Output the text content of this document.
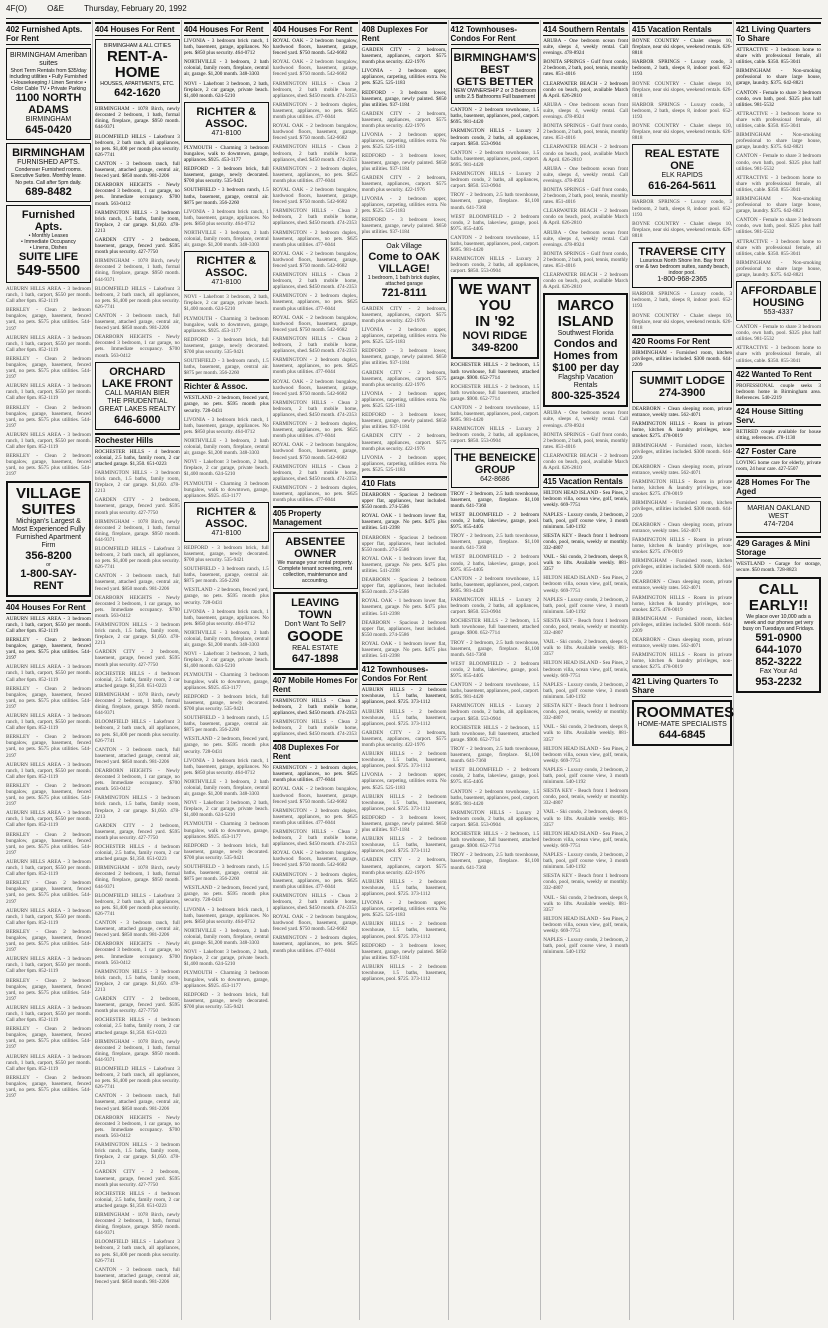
4F(O)	O&E	Thursday, February 20, 1992
402 Furnished Apts. For Rent
BIRMINGHAM Ameriban suites
Short Term Rentals from $35/day including utilities • Fully Furnished • Housekeeping / Linen Service • Color Cable TV • Private Parking
1100 NORTH ADAMS
BIRMINGHAM
645-0420
BIRMINGHAM
FURNISHED APTS.
Condenser Furnished rooms. Executive Suites. Monthly lease. No pets. Call after 5pm daily.
689-8482
Furnished Apts.
• Monthly Leases
• Immediate Occupancy
• Linens, Dishes
SUITE LIFE
549-5500
AUBURN HILLS AREA - 3 bedroom ranch, 1 bath, carport, $550 per month. Call after 6pm. 852-1119
BERKLEY - Clean 2 bedroom bungalow, garage, basement, fenced yard, no pets. $575 plus utilities. 544-2197
AUBURN HILLS AREA - 3 bedroom ranch, 1 bath, carport, $550 per month. Call after 6pm. 852-1119
BERKLEY - Clean 2 bedroom bungalow, garage, basement, fenced yard, no pets. $575 plus utilities. 544-2197
AUBURN HILLS AREA - 3 bedroom ranch, 1 bath, carport, $550 per month. Call after 6pm. 852-1119
BERKLEY - Clean 2 bedroom bungalow, garage, basement, fenced yard, no pets. $575 plus utilities. 544-2197
AUBURN HILLS AREA - 3 bedroom ranch, 1 bath, carport, $550 per month. Call after 6pm. 852-1119
BERKLEY - Clean 2 bedroom bungalow, garage, basement, fenced yard, no pets. $575 plus utilities. 544-2197
VILLAGE
SUITES
Michigan's Largest & Most Experienced Fully Furnished Apartment Firm
356-8200
or
1-800-SAY-RENT
404 Houses For Rent
AUBURN HILLS AREA - 3 bedroom ranch, 1 bath, carport, $550 per month. Call after 6pm. 852-1119
BERKLEY - Clean 2 bedroom bungalow, garage, basement, fenced yard, no pets. $575 plus utilities. 544-2197
AUBURN HILLS AREA - 3 bedroom ranch, 1 bath, carport, $550 per month. Call after 6pm. 852-1119
BERKLEY - Clean 2 bedroom bungalow, garage, basement, fenced yard, no pets. $575 plus utilities. 544-2197
AUBURN HILLS AREA - 3 bedroom ranch, 1 bath, carport, $550 per month. Call after 6pm. 852-1119
BERKLEY - Clean 2 bedroom bungalow, garage, basement, fenced yard, no pets. $575 plus utilities. 544-2197
AUBURN HILLS AREA - 3 bedroom ranch, 1 bath, carport, $550 per month. Call after 6pm. 852-1119
BERKLEY - Clean 2 bedroom bungalow, garage, basement, fenced yard, no pets. $575 plus utilities. 544-2197
AUBURN HILLS AREA - 3 bedroom ranch, 1 bath, carport, $550 per month. Call after 6pm. 852-1119
BERKLEY - Clean 2 bedroom bungalow, garage, basement, fenced yard, no pets. $575 plus utilities. 544-2197
AUBURN HILLS AREA - 3 bedroom ranch, 1 bath, carport, $550 per month. Call after 6pm. 852-1119
BERKLEY - Clean 2 bedroom bungalow, garage, basement, fenced yard, no pets. $575 plus utilities. 544-2197
AUBURN HILLS AREA - 3 bedroom ranch, 1 bath, carport, $550 per month. Call after 6pm. 852-1119
BERKLEY - Clean 2 bedroom bungalow, garage, basement, fenced yard, no pets. $575 plus utilities. 544-2197
AUBURN HILLS AREA - 3 bedroom ranch, 1 bath, carport, $550 per month. Call after 6pm. 852-1119
BERKLEY - Clean 2 bedroom bungalow, garage, basement, fenced yard, no pets. $575 plus utilities. 544-2197
AUBURN HILLS AREA - 3 bedroom ranch, 1 bath, carport, $550 per month. Call after 6pm. 852-1119
BERKLEY - Clean 2 bedroom bungalow, garage, basement, fenced yard, no pets. $575 plus utilities. 544-2197
AUBURN HILLS AREA - 3 bedroom ranch, 1 bath, carport, $550 per month. Call after 6pm. 852-1119
BERKLEY - Clean 2 bedroom bungalow, garage, basement, fenced yard, no pets. $575 plus utilities. 544-2197
404 Houses For Rent
BIRMINGHAM & ALL CITIES
RENT-A-HOME
HOUSES, APARTMENTS, ETC.
642-1620
BIRMINGHAM - 1078 Birch, newly decorated 2 bedroom, 1 bath, formal dining, fireplace, garage. $950 month. 644-9371
BLOOMFIELD HILLS - Lakefront 3 bedroom, 2 bath ranch, all appliances, no pets. $1,400 per month plus security. 626-7741
CANTON - 3 bedroom ranch, full basement, attached garage, central air, fenced yard. $850 month. 981-2206
DEARBORN HEIGHTS - Newly decorated 3 bedroom, 1 car garage, no pets. Immediate occupancy. $700 month. 563-0412
FARMINGTON HILLS - 3 bedroom brick ranch, 1.5 baths, family room, fireplace, 2 car garage. $1,050. 478-2213
GARDEN CITY - 2 bedroom, basement, garage, fenced yard. $595 month plus security. 427-7750
BIRMINGHAM - 1078 Birch, newly decorated 2 bedroom, 1 bath, formal dining, fireplace, garage. $950 month. 644-9371
BLOOMFIELD HILLS - Lakefront 3 bedroom, 2 bath ranch, all appliances, no pets. $1,400 per month plus security. 626-7741
CANTON - 3 bedroom ranch, full basement, attached garage, central air, fenced yard. $850 month. 981-2206
DEARBORN HEIGHTS - Newly decorated 3 bedroom, 1 car garage, no pets. Immediate occupancy. $700 month. 563-0412
ORCHARD LAKE FRONT
CALL MARIAN BIER
THE PRUDENTIAL
GREAT LAKES REALTY
646-6000
Rochester Hills
ROCHESTER HILLS - 4 bedroom colonial, 2.5 baths, family room, 2 car attached garage. $1,350. 651-0223
FARMINGTON HILLS - 3 bedroom brick ranch, 1.5 baths, family room, fireplace, 2 car garage. $1,050. 478-2213
GARDEN CITY - 2 bedroom, basement, garage, fenced yard. $595 month plus security. 427-7750
BIRMINGHAM - 1078 Birch, newly decorated 2 bedroom, 1 bath, formal dining, fireplace, garage. $950 month. 644-9371
BLOOMFIELD HILLS - Lakefront 3 bedroom, 2 bath ranch, all appliances, no pets. $1,400 per month plus security. 626-7741
CANTON - 3 bedroom ranch, full basement, attached garage, central air, fenced yard. $850 month. 981-2206
DEARBORN HEIGHTS - Newly decorated 3 bedroom, 1 car garage, no pets. Immediate occupancy. $700 month. 563-0412
FARMINGTON HILLS - 3 bedroom brick ranch, 1.5 baths, family room, fireplace, 2 car garage. $1,050. 478-2213
GARDEN CITY - 2 bedroom, basement, garage, fenced yard. $595 month plus security. 427-7750
ROCHESTER HILLS - 4 bedroom colonial, 2.5 baths, family room, 2 car attached garage. $1,350. 651-0223
BIRMINGHAM - 1078 Birch, newly decorated 2 bedroom, 1 bath, formal dining, fireplace, garage. $950 month. 644-9371
BLOOMFIELD HILLS - Lakefront 3 bedroom, 2 bath ranch, all appliances, no pets. $1,400 per month plus security. 626-7741
CANTON - 3 bedroom ranch, full basement, attached garage, central air, fenced yard. $850 month. 981-2206
DEARBORN HEIGHTS - Newly decorated 3 bedroom, 1 car garage, no pets. Immediate occupancy. $700 month. 563-0412
FARMINGTON HILLS - 3 bedroom brick ranch, 1.5 baths, family room, fireplace, 2 car garage. $1,050. 478-2213
GARDEN CITY - 2 bedroom, basement, garage, fenced yard. $595 month plus security. 427-7750
ROCHESTER HILLS - 4 bedroom colonial, 2.5 baths, family room, 2 car attached garage. $1,350. 651-0223
BIRMINGHAM - 1078 Birch, newly decorated 2 bedroom, 1 bath, formal dining, fireplace, garage. $950 month. 644-9371
BLOOMFIELD HILLS - Lakefront 3 bedroom, 2 bath ranch, all appliances, no pets. $1,400 per month plus security. 626-7741
CANTON - 3 bedroom ranch, full basement, attached garage, central air, fenced yard. $850 month. 981-2206
DEARBORN HEIGHTS - Newly decorated 3 bedroom, 1 car garage, no pets. Immediate occupancy. $700 month. 563-0412
FARMINGTON HILLS - 3 bedroom brick ranch, 1.5 baths, family room, fireplace, 2 car garage. $1,050. 478-2213
GARDEN CITY - 2 bedroom, basement, garage, fenced yard. $595 month plus security. 427-7750
ROCHESTER HILLS - 4 bedroom colonial, 2.5 baths, family room, 2 car attached garage. $1,350. 651-0223
BIRMINGHAM - 1078 Birch, newly decorated 2 bedroom, 1 bath, formal dining, fireplace, garage. $950 month. 644-9371
BLOOMFIELD HILLS - Lakefront 3 bedroom, 2 bath ranch, all appliances, no pets. $1,400 per month plus security. 626-7741
CANTON - 3 bedroom ranch, full basement, attached garage, central air, fenced yard. $850 month. 981-2206
DEARBORN HEIGHTS - Newly decorated 3 bedroom, 1 car garage, no pets. Immediate occupancy. $700 month. 563-0412
FARMINGTON HILLS - 3 bedroom brick ranch, 1.5 baths, family room, fireplace, 2 car garage. $1,050. 478-2213
GARDEN CITY - 2 bedroom, basement, garage, fenced yard. $595 month plus security. 427-7750
ROCHESTER HILLS - 4 bedroom colonial, 2.5 baths, family room, 2 car attached garage. $1,350. 651-0223
BIRMINGHAM - 1078 Birch, newly decorated 2 bedroom, 1 bath, formal dining, fireplace, garage. $950 month. 644-9371
BLOOMFIELD HILLS - Lakefront 3 bedroom, 2 bath ranch, all appliances, no pets. $1,400 per month plus security. 626-7741
CANTON - 3 bedroom ranch, full basement, attached garage, central air, fenced yard. $850 month. 981-2206
404 Houses For Rent
LIVONIA - 3 bedroom brick ranch, 1 bath, basement, garage, appliances. No pets. $850 plus security. 464-0712
NORTHVILLE - 3 bedroom, 2 bath colonial, family room, fireplace, central air, garage. $1,200 month. 348-3303
NOVI - Lakefront 3 bedroom, 2 bath, fireplace, 2 car garage, private beach. $1,400 month. 624-5210
RICHTER & ASSOC.
471-8100
PLYMOUTH - Charming 3 bedroom bungalow, walk to downtown, garage, appliances. $925. 453-1177
REDFORD - 3 bedroom brick, full basement, garage, newly decorated. $700 plus security. 535-9421
SOUTHFIELD - 3 bedroom ranch, 1.5 baths, basement, garage, central air. $875 per month. 356-2260
LIVONIA - 3 bedroom brick ranch, 1 bath, basement, garage, appliances. No pets. $850 plus security. 464-0712
NORTHVILLE - 3 bedroom, 2 bath colonial, family room, fireplace, central air, garage. $1,200 month. 348-3303
RICHTER & ASSOC.
471-8100
NOVI - Lakefront 3 bedroom, 2 bath, fireplace, 2 car garage, private beach. $1,400 month. 624-5210
PLYMOUTH - Charming 3 bedroom bungalow, walk to downtown, garage, appliances. $925. 453-1177
REDFORD - 3 bedroom brick, full basement, garage, newly decorated. $700 plus security. 535-9421
SOUTHFIELD - 3 bedroom ranch, 1.5 baths, basement, garage, central air. $875 per month. 356-2260
Richter & Assoc.
WESTLAND - 2 bedroom, fenced yard, garage, no pets. $595 month plus security. 728-0431
LIVONIA - 3 bedroom brick ranch, 1 bath, basement, garage, appliances. No pets. $850 plus security. 464-0712
NORTHVILLE - 3 bedroom, 2 bath colonial, family room, fireplace, central air, garage. $1,200 month. 348-3303
NOVI - Lakefront 3 bedroom, 2 bath, fireplace, 2 car garage, private beach. $1,400 month. 624-5210
PLYMOUTH - Charming 3 bedroom bungalow, walk to downtown, garage, appliances. $925. 453-1177
RICHTER & ASSOC.
471-8100
REDFORD - 3 bedroom brick, full basement, garage, newly decorated. $700 plus security. 535-9421
SOUTHFIELD - 3 bedroom ranch, 1.5 baths, basement, garage, central air. $875 per month. 356-2260
WESTLAND - 2 bedroom, fenced yard, garage, no pets. $595 month plus security. 728-0431
LIVONIA - 3 bedroom brick ranch, 1 bath, basement, garage, appliances. No pets. $850 plus security. 464-0712
NORTHVILLE - 3 bedroom, 2 bath colonial, family room, fireplace, central air, garage. $1,200 month. 348-3303
NOVI - Lakefront 3 bedroom, 2 bath, fireplace, 2 car garage, private beach. $1,400 month. 624-5210
PLYMOUTH - Charming 3 bedroom bungalow, walk to downtown, garage, appliances. $925. 453-1177
REDFORD - 3 bedroom brick, full basement, garage, newly decorated. $700 plus security. 535-9421
SOUTHFIELD - 3 bedroom ranch, 1.5 baths, basement, garage, central air. $875 per month. 356-2260
WESTLAND - 2 bedroom, fenced yard, garage, no pets. $595 month plus security. 728-0431
LIVONIA - 3 bedroom brick ranch, 1 bath, basement, garage, appliances. No pets. $850 plus security. 464-0712
NORTHVILLE - 3 bedroom, 2 bath colonial, family room, fireplace, central air, garage. $1,200 month. 348-3303
NOVI - Lakefront 3 bedroom, 2 bath, fireplace, 2 car garage, private beach. $1,400 month. 624-5210
PLYMOUTH - Charming 3 bedroom bungalow, walk to downtown, garage, appliances. $925. 453-1177
REDFORD - 3 bedroom brick, full basement, garage, newly decorated. $700 plus security. 535-9421
SOUTHFIELD - 3 bedroom ranch, 1.5 baths, basement, garage, central air. $875 per month. 356-2260
WESTLAND - 2 bedroom, fenced yard, garage, no pets. $595 month plus security. 728-0431
LIVONIA - 3 bedroom brick ranch, 1 bath, basement, garage, appliances. No pets. $850 plus security. 464-0712
NORTHVILLE - 3 bedroom, 2 bath colonial, family room, fireplace, central air, garage. $1,200 month. 348-3303
NOVI - Lakefront 3 bedroom, 2 bath, fireplace, 2 car garage, private beach. $1,400 month. 624-5210
PLYMOUTH - Charming 3 bedroom bungalow, walk to downtown, garage, appliances. $925. 453-1177
REDFORD - 3 bedroom brick, full basement, garage, newly decorated. $700 plus security. 535-9421
404 Houses For Rent
ROYAL OAK - 2 bedroom bungalow, hardwood floors, basement, garage, fenced yard. $750 month. 542-6682
ROYAL OAK - 2 bedroom bungalow, hardwood floors, basement, garage, fenced yard. $750 month. 542-6682
FARMINGTON HILLS - Clean 2 bedroom, 2 bath mobile home, appliances, shed. $450 month. 474-2353
FARMINGTON - 2 bedroom duplex, basement, appliances, no pets. $625 month plus utilities. 477-6044
ROYAL OAK - 2 bedroom bungalow, hardwood floors, basement, garage, fenced yard. $750 month. 542-6682
FARMINGTON HILLS - Clean 2 bedroom, 2 bath mobile home, appliances, shed. $450 month. 474-2353
FARMINGTON - 2 bedroom duplex, basement, appliances, no pets. $625 month plus utilities. 477-6044
ROYAL OAK - 2 bedroom bungalow, hardwood floors, basement, garage, fenced yard. $750 month. 542-6682
FARMINGTON HILLS - Clean 2 bedroom, 2 bath mobile home, appliances, shed. $450 month. 474-2353
FARMINGTON - 2 bedroom duplex, basement, appliances, no pets. $625 month plus utilities. 477-6044
ROYAL OAK - 2 bedroom bungalow, hardwood floors, basement, garage, fenced yard. $750 month. 542-6682
FARMINGTON HILLS - Clean 2 bedroom, 2 bath mobile home, appliances, shed. $450 month. 474-2353
FARMINGTON - 2 bedroom duplex, basement, appliances, no pets. $625 month plus utilities. 477-6044
ROYAL OAK - 2 bedroom bungalow, hardwood floors, basement, garage, fenced yard. $750 month. 542-6682
FARMINGTON HILLS - Clean 2 bedroom, 2 bath mobile home, appliances, shed. $450 month. 474-2353
FARMINGTON - 2 bedroom duplex, basement, appliances, no pets. $625 month plus utilities. 477-6044
ROYAL OAK - 2 bedroom bungalow, hardwood floors, basement, garage, fenced yard. $750 month. 542-6682
FARMINGTON HILLS - Clean 2 bedroom, 2 bath mobile home, appliances, shed. $450 month. 474-2353
FARMINGTON - 2 bedroom duplex, basement, appliances, no pets. $625 month plus utilities. 477-6044
ROYAL OAK - 2 bedroom bungalow, hardwood floors, basement, garage, fenced yard. $750 month. 542-6682
FARMINGTON HILLS - Clean 2 bedroom, 2 bath mobile home, appliances, shed. $450 month. 474-2353
FARMINGTON - 2 bedroom duplex, basement, appliances, no pets. $625 month plus utilities. 477-6044
405 Property Management
ABSENTEE OWNER
We manage your rental property. Complete tenant screening, rent collection, maintenance and accounting.
LEAVING TOWN
Don't Want To Sell?
GOODE
REAL ESTATE
647-1898
407 Mobile Homes For Rent
FARMINGTON HILLS - Clean 2 bedroom, 2 bath mobile home, appliances, shed. $450 month. 474-2353
FARMINGTON HILLS - Clean 2 bedroom, 2 bath mobile home, appliances, shed. $450 month. 474-2353
408 Duplexes For Rent
FARMINGTON - 2 bedroom duplex, basement, appliances, no pets. $625 month plus utilities. 477-6044
ROYAL OAK - 2 bedroom bungalow, hardwood floors, basement, garage, fenced yard. $750 month. 542-6682
FARMINGTON - 2 bedroom duplex, basement, appliances, no pets. $625 month plus utilities. 477-6044
FARMINGTON HILLS - Clean 2 bedroom, 2 bath mobile home, appliances, shed. $450 month. 474-2353
ROYAL OAK - 2 bedroom bungalow, hardwood floors, basement, garage, fenced yard. $750 month. 542-6682
FARMINGTON - 2 bedroom duplex, basement, appliances, no pets. $625 month plus utilities. 477-6044
FARMINGTON HILLS - Clean 2 bedroom, 2 bath mobile home, appliances, shed. $450 month. 474-2353
ROYAL OAK - 2 bedroom bungalow, hardwood floors, basement, garage, fenced yard. $750 month. 542-6682
FARMINGTON - 2 bedroom duplex, basement, appliances, no pets. $625 month plus utilities. 477-6044
408 Duplexes For Rent
GARDEN CITY - 2 bedroom, basement, appliances, carport. $575 month plus security. 422-1976
LIVONIA - 2 bedroom upper, appliances, carpeting, utilities extra. No pets. $525. 525-1183
REDFORD - 3 bedroom lower, basement, garage, newly painted. $650 plus utilities. 937-1184
GARDEN CITY - 2 bedroom, basement, appliances, carport. $575 month plus security. 422-1976
LIVONIA - 2 bedroom upper, appliances, carpeting, utilities extra. No pets. $525. 525-1183
REDFORD - 3 bedroom lower, basement, garage, newly painted. $650 plus utilities. 937-1184
GARDEN CITY - 2 bedroom, basement, appliances, carport. $575 month plus security. 422-1976
LIVONIA - 2 bedroom upper, appliances, carpeting, utilities extra. No pets. $525. 525-1183
REDFORD - 3 bedroom lower, basement, garage, newly painted. $650 plus utilities. 937-1184
Oak Village
Come to OAK VILLAGE!
1 bedroom, 1 bath brick duplex, attached garage
721-8111
GARDEN CITY - 2 bedroom, basement, appliances, carport. $575 month plus security. 422-1976
LIVONIA - 2 bedroom upper, appliances, carpeting, utilities extra. No pets. $525. 525-1183
REDFORD - 3 bedroom lower, basement, garage, newly painted. $650 plus utilities. 937-1184
GARDEN CITY - 2 bedroom, basement, appliances, carport. $575 month plus security. 422-1976
LIVONIA - 2 bedroom upper, appliances, carpeting, utilities extra. No pets. $525. 525-1183
REDFORD - 3 bedroom lower, basement, garage, newly painted. $650 plus utilities. 937-1184
GARDEN CITY - 2 bedroom, basement, appliances, carport. $575 month plus security. 422-1976
LIVONIA - 2 bedroom upper, appliances, carpeting, utilities extra. No pets. $525. 525-1183
410 Flats
DEARBORN - Spacious 2 bedroom upper flat, appliances, heat included. $550 month. 274-5586
ROYAL OAK - 1 bedroom lower flat, basement, garage. No pets. $475 plus utilities. 541-2398
DEARBORN - Spacious 2 bedroom upper flat, appliances, heat included. $550 month. 274-5586
ROYAL OAK - 1 bedroom lower flat, basement, garage. No pets. $475 plus utilities. 541-2398
DEARBORN - Spacious 2 bedroom upper flat, appliances, heat included. $550 month. 274-5586
ROYAL OAK - 1 bedroom lower flat, basement, garage. No pets. $475 plus utilities. 541-2398
DEARBORN - Spacious 2 bedroom upper flat, appliances, heat included. $550 month. 274-5586
ROYAL OAK - 1 bedroom lower flat, basement, garage. No pets. $475 plus utilities. 541-2398
412 Townhouses-Condos For Rent
AUBURN HILLS - 2 bedroom townhouse, 1.5 baths, basement, appliances, pool. $725. 373-1112
AUBURN HILLS - 2 bedroom townhouse, 1.5 baths, basement, appliances, pool. $725. 373-1112
GARDEN CITY - 2 bedroom, basement, appliances, carport. $575 month plus security. 422-1976
AUBURN HILLS - 2 bedroom townhouse, 1.5 baths, basement, appliances, pool. $725. 373-1112
LIVONIA - 2 bedroom upper, appliances, carpeting, utilities extra. No pets. $525. 525-1183
AUBURN HILLS - 2 bedroom townhouse, 1.5 baths, basement, appliances, pool. $725. 373-1112
REDFORD - 3 bedroom lower, basement, garage, newly painted. $650 plus utilities. 937-1184
AUBURN HILLS - 2 bedroom townhouse, 1.5 baths, basement, appliances, pool. $725. 373-1112
GARDEN CITY - 2 bedroom, basement, appliances, carport. $575 month plus security. 422-1976
AUBURN HILLS - 2 bedroom townhouse, 1.5 baths, basement, appliances, pool. $725. 373-1112
LIVONIA - 2 bedroom upper, appliances, carpeting, utilities extra. No pets. $525. 525-1183
AUBURN HILLS - 2 bedroom townhouse, 1.5 baths, basement, appliances, pool. $725. 373-1112
REDFORD - 3 bedroom lower, basement, garage, newly painted. $650 plus utilities. 937-1184
AUBURN HILLS - 2 bedroom townhouse, 1.5 baths, basement, appliances, pool. $725. 373-1112
412 Townhouses-Condos For Rent
BIRMINGHAM'S BEST
GETS BETTER
NEW OWNERSHIP 2 or 3 Bedroom units 2.5 Bathrooms Full basement
CANTON - 2 bedroom townhouse, 1.5 baths, basement, appliances, pool, carport. $695. 981-4420
FARMINGTON HILLS - Luxury 2 bedroom condo, 2 baths, all appliances, carport. $850. 553-0904
CANTON - 2 bedroom townhouse, 1.5 baths, basement, appliances, pool, carport. $695. 981-4420
FARMINGTON HILLS - Luxury 2 bedroom condo, 2 baths, all appliances, carport. $850. 553-0904
TROY - 2 bedroom, 2.5 bath townhouse, basement, garage, fireplace. $1,100 month. 641-7360
WEST BLOOMFIELD - 2 bedroom condo, 2 baths, lakeview, garage, pool. $975. 855-4405
CANTON - 2 bedroom townhouse, 1.5 baths, basement, appliances, pool, carport. $695. 981-4420
FARMINGTON HILLS - Luxury 2 bedroom condo, 2 baths, all appliances, carport. $850. 553-0904
WE WANT YOU
IN '92
NOVI RIDGE
349-8200
ROCHESTER HILLS - 2 bedroom, 1.5 bath townhouse, full basement, attached garage. $900. 652-7714
ROCHESTER HILLS - 2 bedroom, 1.5 bath townhouse, full basement, attached garage. $900. 652-7714
CANTON - 2 bedroom townhouse, 1.5 baths, basement, appliances, pool, carport. $695. 981-4420
FARMINGTON HILLS - Luxury 2 bedroom condo, 2 baths, all appliances, carport. $850. 553-0904
THE BENEICKE GROUP
642-8686
TROY - 2 bedroom, 2.5 bath townhouse, basement, garage, fireplace. $1,100 month. 641-7360
WEST BLOOMFIELD - 2 bedroom condo, 2 baths, lakeview, garage, pool. $975. 855-4405
TROY - 2 bedroom, 2.5 bath townhouse, basement, garage, fireplace. $1,100 month. 641-7360
WEST BLOOMFIELD - 2 bedroom condo, 2 baths, lakeview, garage, pool. $975. 855-4405
CANTON - 2 bedroom townhouse, 1.5 baths, basement, appliances, pool, carport. $695. 981-4420
FARMINGTON HILLS - Luxury 2 bedroom condo, 2 baths, all appliances, carport. $850. 553-0904
ROCHESTER HILLS - 2 bedroom, 1.5 bath townhouse, full basement, attached garage. $900. 652-7714
TROY - 2 bedroom, 2.5 bath townhouse, basement, garage, fireplace. $1,100 month. 641-7360
WEST BLOOMFIELD - 2 bedroom condo, 2 baths, lakeview, garage, pool. $975. 855-4405
CANTON - 2 bedroom townhouse, 1.5 baths, basement, appliances, pool, carport. $695. 981-4420
FARMINGTON HILLS - Luxury 2 bedroom condo, 2 baths, all appliances, carport. $850. 553-0904
ROCHESTER HILLS - 2 bedroom, 1.5 bath townhouse, full basement, attached garage. $900. 652-7714
TROY - 2 bedroom, 2.5 bath townhouse, basement, garage, fireplace. $1,100 month. 641-7360
WEST BLOOMFIELD - 2 bedroom condo, 2 baths, lakeview, garage, pool. $975. 855-4405
CANTON - 2 bedroom townhouse, 1.5 baths, basement, appliances, pool, carport. $695. 981-4420
FARMINGTON HILLS - Luxury 2 bedroom condo, 2 baths, all appliances, carport. $850. 553-0904
ROCHESTER HILLS - 2 bedroom, 1.5 bath townhouse, full basement, attached garage. $900. 652-7714
TROY - 2 bedroom, 2.5 bath townhouse, basement, garage, fireplace. $1,100 month. 641-7360
414 Southern Rentals
ARUBA - One bedroom ocean front suite, sleeps 4, weekly rental. Call evenings. 478-8924
BONITA SPRINGS - Gulf front condo, 2 bedroom, 2 bath, pool, tennis, monthly rates. 851-4016
CLEARWATER BEACH - 2 bedroom condo on beach, pool, available March & April. 626-2810
ARUBA - One bedroom ocean front suite, sleeps 4, weekly rental. Call evenings. 478-8924
BONITA SPRINGS - Gulf front condo, 2 bedroom, 2 bath, pool, tennis, monthly rates. 851-4016
CLEARWATER BEACH - 2 bedroom condo on beach, pool, available March & April. 626-2810
ARUBA - One bedroom ocean front suite, sleeps 4, weekly rental. Call evenings. 478-8924
BONITA SPRINGS - Gulf front condo, 2 bedroom, 2 bath, pool, tennis, monthly rates. 851-4016
CLEARWATER BEACH - 2 bedroom condo on beach, pool, available March & April. 626-2810
ARUBA - One bedroom ocean front suite, sleeps 4, weekly rental. Call evenings. 478-8924
BONITA SPRINGS - Gulf front condo, 2 bedroom, 2 bath, pool, tennis, monthly rates. 851-4016
CLEARWATER BEACH - 2 bedroom condo on beach, pool, available March & April. 626-2810
MARCO ISLAND
Southwest Florida
Condos and Homes from $100 per day
Flagship Vacation Rentals
800-325-3524
ARUBA - One bedroom ocean front suite, sleeps 4, weekly rental. Call evenings. 478-8924
BONITA SPRINGS - Gulf front condo, 2 bedroom, 2 bath, pool, tennis, monthly rates. 851-4016
CLEARWATER BEACH - 2 bedroom condo on beach, pool, available March & April. 626-2810
415 Vacation Rentals
HILTON HEAD ISLAND - Sea Pines, 2 bedroom villa, ocean view, golf, tennis, weekly. 669-7751
NAPLES - Luxury condo, 2 bedroom, 2 bath, pool, golf course view, 3 month minimum. 540-1192
SIESTA KEY - Beach front 1 bedroom condo, pool, tennis, weekly or monthly. 332-4807
VAIL - Ski condo, 2 bedroom, sleeps 8, walk to lifts. Available weekly. 881-3357
HILTON HEAD ISLAND - Sea Pines, 2 bedroom villa, ocean view, golf, tennis, weekly. 669-7751
NAPLES - Luxury condo, 2 bedroom, 2 bath, pool, golf course view, 3 month minimum. 540-1192
SIESTA KEY - Beach front 1 bedroom condo, pool, tennis, weekly or monthly. 332-4807
VAIL - Ski condo, 2 bedroom, sleeps 8, walk to lifts. Available weekly. 881-3357
HILTON HEAD ISLAND - Sea Pines, 2 bedroom villa, ocean view, golf, tennis, weekly. 669-7751
NAPLES - Luxury condo, 2 bedroom, 2 bath, pool, golf course view, 3 month minimum. 540-1192
SIESTA KEY - Beach front 1 bedroom condo, pool, tennis, weekly or monthly. 332-4807
VAIL - Ski condo, 2 bedroom, sleeps 8, walk to lifts. Available weekly. 881-3357
HILTON HEAD ISLAND - Sea Pines, 2 bedroom villa, ocean view, golf, tennis, weekly. 669-7751
NAPLES - Luxury condo, 2 bedroom, 2 bath, pool, golf course view, 3 month minimum. 540-1192
SIESTA KEY - Beach front 1 bedroom condo, pool, tennis, weekly or monthly. 332-4807
VAIL - Ski condo, 2 bedroom, sleeps 8, walk to lifts. Available weekly. 881-3357
HILTON HEAD ISLAND - Sea Pines, 2 bedroom villa, ocean view, golf, tennis, weekly. 669-7751
NAPLES - Luxury condo, 2 bedroom, 2 bath, pool, golf course view, 3 month minimum. 540-1192
SIESTA KEY - Beach front 1 bedroom condo, pool, tennis, weekly or monthly. 332-4807
VAIL - Ski condo, 2 bedroom, sleeps 8, walk to lifts. Available weekly. 881-3357
HILTON HEAD ISLAND - Sea Pines, 2 bedroom villa, ocean view, golf, tennis, weekly. 669-7751
NAPLES - Luxury condo, 2 bedroom, 2 bath, pool, golf course view, 3 month minimum. 540-1192
415 Vacation Rentals
BOYNE COUNTRY - Chalet sleeps 10, fireplace, near ski slopes, weekend rentals. 626-8818
HARBOR SPRINGS - Luxury condo, 3 bedroom, 2 bath, sleeps 8, indoor pool. 652-1193
BOYNE COUNTRY - Chalet sleeps 10, fireplace, near ski slopes, weekend rentals. 626-8818
HARBOR SPRINGS - Luxury condo, 3 bedroom, 2 bath, sleeps 8, indoor pool. 652-1193
BOYNE COUNTRY - Chalet sleeps 10, fireplace, near ski slopes, weekend rentals. 626-8818
REAL ESTATE ONE
ELK RAPIDS
616-264-5611
HARBOR SPRINGS - Luxury condo, 3 bedroom, 2 bath, sleeps 8, indoor pool. 652-1193
BOYNE COUNTRY - Chalet sleeps 10, fireplace, near ski slopes, weekend rentals. 626-8818
TRAVERSE CITY
Luxurious North Shore Inn. Bay front one & two bedroom suites, sandy beach, indoor pool.
1-800-968-2365
HARBOR SPRINGS - Luxury condo, 3 bedroom, 2 bath, sleeps 8, indoor pool. 652-1193
BOYNE COUNTRY - Chalet sleeps 10, fireplace, near ski slopes, weekend rentals. 626-8818
420 Rooms For Rent
BIRMINGHAM - Furnished room, kitchen privileges, utilities included. $300 month. 644-2209
SUMMIT LODGE
274-3900
DEARBORN - Clean sleeping room, private entrance, weekly rates. 562-4071
FARMINGTON HILLS - Room in private home, kitchen & laundry privileges, non-smoker. $275. 478-0019
BIRMINGHAM - Furnished room, kitchen privileges, utilities included. $300 month. 644-2209
DEARBORN - Clean sleeping room, private entrance, weekly rates. 562-4071
FARMINGTON HILLS - Room in private home, kitchen & laundry privileges, non-smoker. $275. 478-0019
BIRMINGHAM - Furnished room, kitchen privileges, utilities included. $300 month. 644-2209
DEARBORN - Clean sleeping room, private entrance, weekly rates. 562-4071
FARMINGTON HILLS - Room in private home, kitchen & laundry privileges, non-smoker. $275. 478-0019
BIRMINGHAM - Furnished room, kitchen privileges, utilities included. $300 month. 644-2209
DEARBORN - Clean sleeping room, private entrance, weekly rates. 562-4071
FARMINGTON HILLS - Room in private home, kitchen & laundry privileges, non-smoker. $275. 478-0019
BIRMINGHAM - Furnished room, kitchen privileges, utilities included. $300 month. 644-2209
DEARBORN - Clean sleeping room, private entrance, weekly rates. 562-4071
FARMINGTON HILLS - Room in private home, kitchen & laundry privileges, non-smoker. $275. 478-0019
421 Living Quarters To Share
ROOMMATES
HOME-MATE SPECIALISTS
644-6845
421 Living Quarters To Share
ATTRACTIVE - 3 bedroom home to share with professional female, all utilities, cable. $350. 855-3041
BIRMINGHAM - Non-smoking professional to share large house, garage, laundry. $375. 642-8821
CANTON - Female to share 3 bedroom condo, own bath, pool. $325 plus half utilities. 981-5532
ATTRACTIVE - 3 bedroom home to share with professional female, all utilities, cable. $350. 855-3041
BIRMINGHAM - Non-smoking professional to share large house, garage, laundry. $375. 642-8821
CANTON - Female to share 3 bedroom condo, own bath, pool. $325 plus half utilities. 981-5532
ATTRACTIVE - 3 bedroom home to share with professional female, all utilities, cable. $350. 855-3041
BIRMINGHAM - Non-smoking professional to share large house, garage, laundry. $375. 642-8821
CANTON - Female to share 3 bedroom condo, own bath, pool. $325 plus half utilities. 981-5532
ATTRACTIVE - 3 bedroom home to share with professional female, all utilities, cable. $350. 855-3041
BIRMINGHAM - Non-smoking professional to share large house, garage, laundry. $375. 642-8821
AFFORDABLE
HOUSING
553-4337
CANTON - Female to share 3 bedroom condo, own bath, pool. $325 plus half utilities. 981-5532
ATTRACTIVE - 3 bedroom home to share with professional female, all utilities, cable. $350. 855-3041
422 Wanted To Rent
PROFESSIONAL couple seeks 3 bedroom home in Birmingham area. References. 540-2219
424 House Sitting Serv.
RETIRED couple available for house sitting, references. 478-1130
427 Foster Care
LOVING home care for elderly, private room, 24 hour care. 427-5507
428 Homes For The Aged
MARIAN OAKLAND WEST
474-7204
429 Garages & Mini Storage
WESTLAND - Garage for storage, secure. $50 month. 728-8823
CALL
EARLY!!
We place over 10,000 ads a week and our phones get very busy on Tuesdays and Fridays.
591-0900
644-1070
852-3222
Fax Your Ad
953-2232
